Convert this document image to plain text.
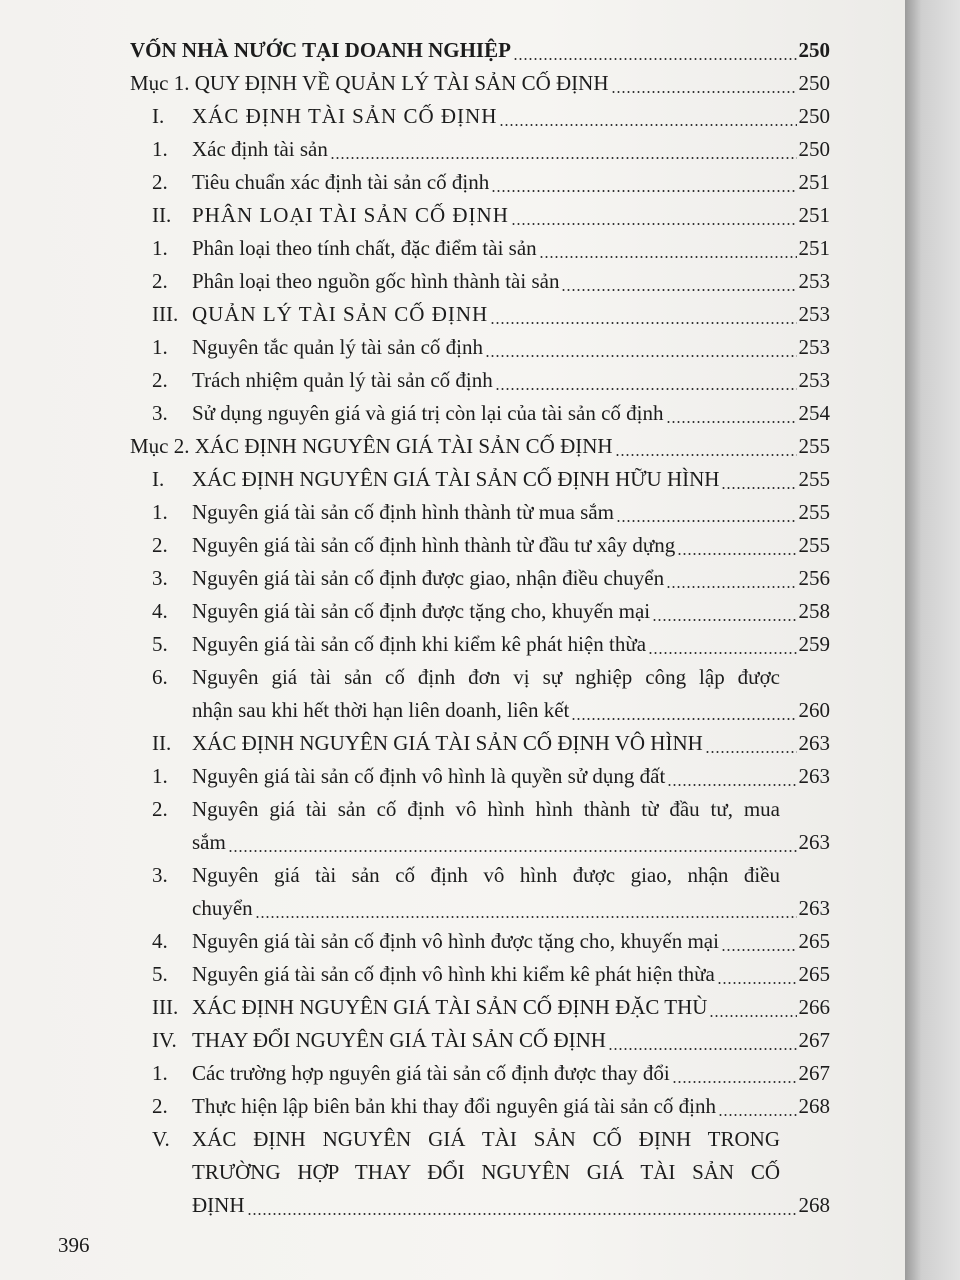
VỐN NHÀ NƯỚC TẠI DOANH NGHIỆP	250
Mục 1. QUY ĐỊNH VỀ QUẢN LÝ TÀI SẢN CỐ ĐỊNH	250
I.	XÁC ĐỊNH TÀI SẢN CỐ ĐỊNH	250
1.	Xác định tài sản	250
2.	Tiêu chuẩn xác định tài sản cố định	251
II. PHÂN LOẠI TÀI SẢN CỐ ĐỊNH	251
1.	Phân loại theo tính chất, đặc điểm tài sản	251
2.	Phân loại theo nguồn gốc hình thành tài sản	253
III. QUẢN LÝ TÀI SẢN CỐ ĐỊNH	253
1.	Nguyên tắc quản lý tài sản cố định	253
2.	Trách nhiệm quản lý tài sản cố định	253
3.	Sử dụng nguyên giá và giá trị còn lại của tài sản cố định	254
Mục 2. XÁC ĐỊNH NGUYÊN GIÁ TÀI SẢN CỐ ĐỊNH	255
I.	XÁC ĐỊNH NGUYÊN GIÁ TÀI SẢN CỐ ĐỊNH HỮU HÌNH	255
1.	Nguyên giá tài sản cố định hình thành từ mua sắm	255
2.	Nguyên giá tài sản cố định hình thành từ đầu tư xây dựng	255
3.	Nguyên giá tài sản cố định được giao, nhận điều chuyển	256
4.	Nguyên giá tài sản cố định được tặng cho, khuyến mại	258
5.	Nguyên giá tài sản cố định khi kiểm kê phát hiện thừa	259
6.	Nguyên giá tài sản cố định đơn vị sự nghiệp công lập được
nhận sau khi hết thời hạn liên doanh, liên kết	260
II. XÁC ĐỊNH NGUYÊN GIÁ TÀI SẢN CỐ ĐỊNH VÔ HÌNH	263
1.	Nguyên giá tài sản cố định vô hình là quyền sử dụng đất	263
2.	Nguyên giá tài sản cố định vô hình hình thành từ đầu tư, mua
sắm	263
3.	Nguyên giá tài sản cố định vô hình được giao, nhận điều
chuyển	263
4.	Nguyên giá tài sản cố định vô hình được tặng cho, khuyến mại	265
5.	Nguyên giá tài sản cố định vô hình khi kiểm kê phát hiện thừa	265
III. XÁC ĐỊNH NGUYÊN GIÁ TÀI SẢN CỐ ĐỊNH ĐẶC THÙ	266
IV. THAY ĐỔI NGUYÊN GIÁ TÀI SẢN CỐ ĐỊNH	267
1.	Các trường hợp nguyên giá tài sản cố định được thay đổi	267
2.	Thực hiện lập biên bản khi thay đổi nguyên giá tài sản cố định	268
V.	XÁC ĐỊNH NGUYÊN GIÁ TÀI SẢN CỐ ĐỊNH TRONG
TRƯỜNG HỢP THAY ĐỔI NGUYÊN GIÁ TÀI SẢN CỐ
ĐỊNH	268
396
